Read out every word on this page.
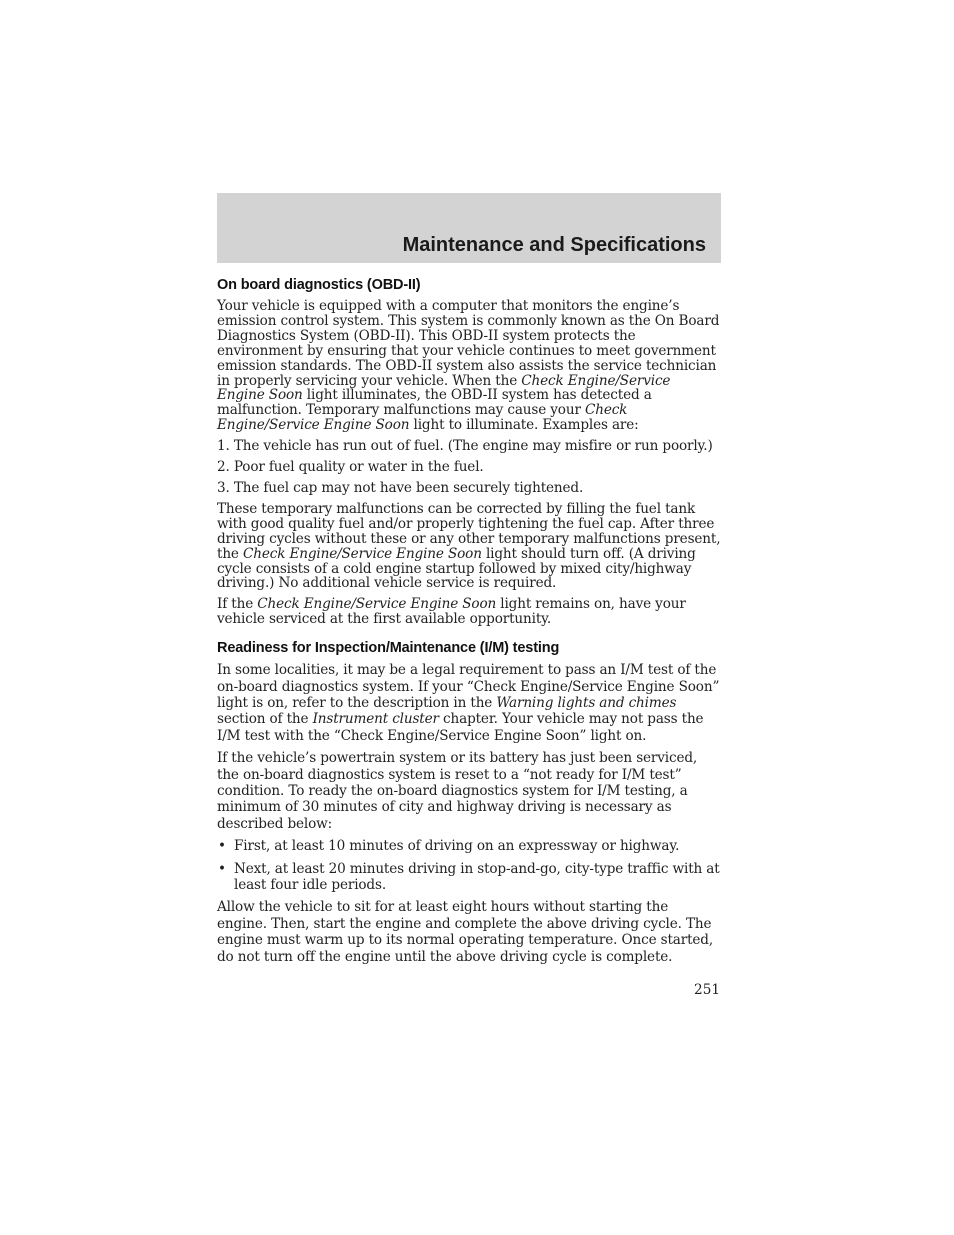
Maintenance and Specifications
On board diagnostics (OBD-II)

Your vehicle is equipped with a computer that monitors the engine’s emission control system. This system is commonly known as the On Board Diagnostics System (OBD-II). This OBD-II system protects the environment by ensuring that your vehicle continues to meet government emission standards. The OBD-II system also assists the service technician in properly servicing your vehicle. When the Check Engine/Service Engine Soon light illuminates, the OBD-II system has detected a malfunction. Temporary malfunctions may cause your Check Engine/Service Engine Soon light to illuminate. Examples are:

1. The vehicle has run out of fuel. (The engine may misfire or run poorly.)
2. Poor fuel quality or water in the fuel.
3. The fuel cap may not have been securely tightened.

These temporary malfunctions can be corrected by filling the fuel tank with good quality fuel and/or properly tightening the fuel cap. After three driving cycles without these or any other temporary malfunctions present, the Check Engine/Service Engine Soon light should turn off. (A driving cycle consists of a cold engine startup followed by mixed city/highway driving.) No additional vehicle service is required.

If the Check Engine/Service Engine Soon light remains on, have your vehicle serviced at the first available opportunity.

Readiness for Inspection/Maintenance (I/M) testing

In some localities, it may be a legal requirement to pass an I/M test of the on-board diagnostics system. If your “Check Engine/Service Engine Soon” light is on, refer to the description in the Warning lights and chimes section of the Instrument cluster chapter. Your vehicle may not pass the I/M test with the “Check Engine/Service Engine Soon” light on.

If the vehicle’s powertrain system or its battery has just been serviced, the on-board diagnostics system is reset to a “not ready for I/M test” condition. To ready the on-board diagnostics system for I/M testing, a minimum of 30 minutes of city and highway driving is necessary as described below:

• First, at least 10 minutes of driving on an expressway or highway.
• Next, at least 20 minutes driving in stop-and-go, city-type traffic with at least four idle periods.

Allow the vehicle to sit for at least eight hours without starting the engine. Then, start the engine and complete the above driving cycle. The engine must warm up to its normal operating temperature. Once started, do not turn off the engine until the above driving cycle is complete.

251
